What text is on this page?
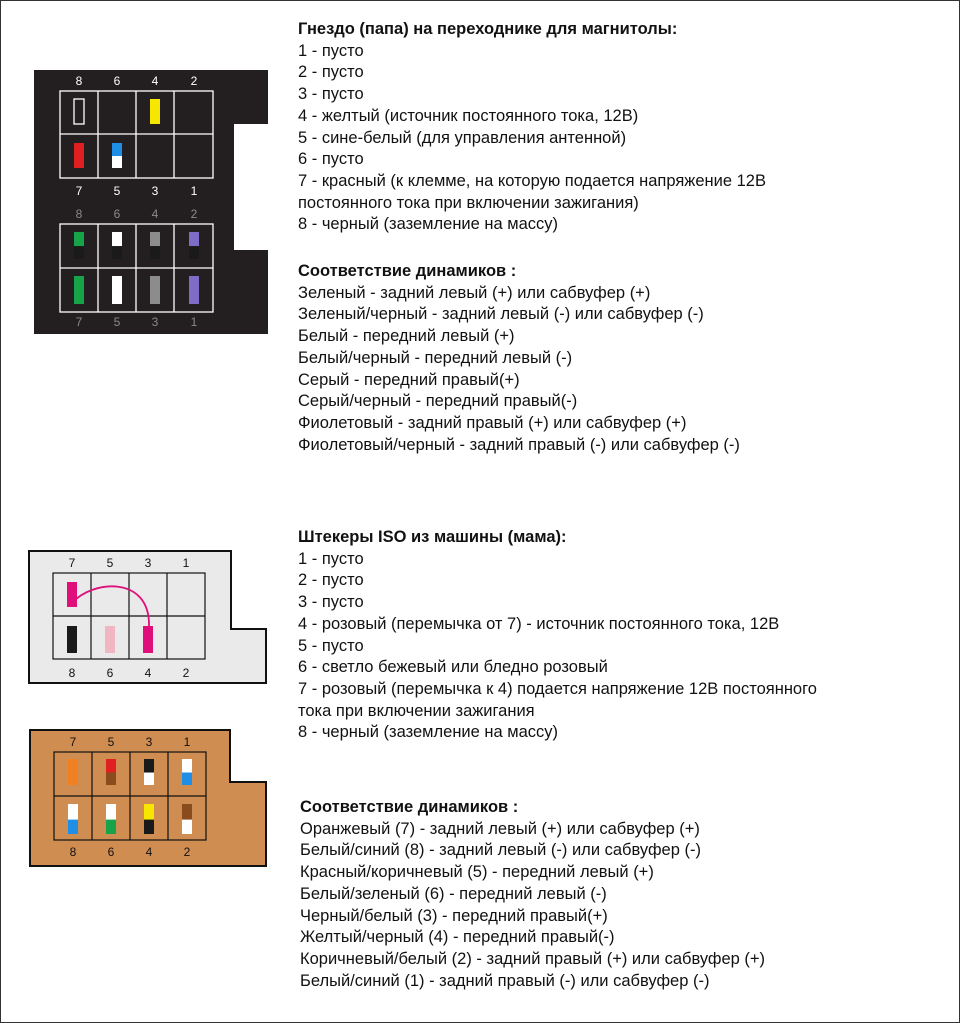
8	6	4	2
7	5	3	1
8	6	4	2
7	5	3	1
7	5	3	1
8	6	4	2
7	5	3	1
8	6	4	2
Гнездо (папа) на переходнике для магнитолы:
1 - пусто
2 - пусто
3 - пусто
4 - желтый (источник постоянного тока, 12В)
5 - сине-белый (для управления антенной)
6 - пусто
7 - красный (к клемме, на которую подается напряжение 12В
постоянного тока при включении зажигания)
8 - черный (заземление на массу)
Соответствие динамиков :
Зеленый - задний левый (+) или сабвуфер (+)
Зеленый/черный - задний левый (-) или сабвуфер (-)
Белый - передний левый (+)
Белый/черный - передний левый (-)
Серый - передний правый(+)
Серый/черный - передний правый(-)
Фиолетовый - задний правый (+) или сабвуфер (+)
Фиолетовый/черный - задний правый (-) или сабвуфер (-)
Штекеры ISO из машины (мама):
1 - пусто
2 - пусто
3 - пусто
4 - розовый (перемычка от 7) - источник постоянного тока, 12В
5 - пусто
6 - светло бежевый или бледно розовый
7 - розовый (перемычка к 4) подается напряжение 12В постоянного
тока при включении зажигания
8 - черный (заземление на массу)
Соответствие динамиков :
Оранжевый (7) - задний левый (+) или сабвуфер (+)
Белый/синий (8) - задний левый (-) или сабвуфер (-)
Красный/коричневый (5) - передний левый (+)
Белый/зеленый (6) - передний левый (-)
Черный/белый (3) - передний правый(+)
Желтый/черный (4) - передний правый(-)
Коричневый/белый (2) - задний правый (+) или сабвуфер (+)
Белый/синий (1) - задний правый (-) или сабвуфер (-)
